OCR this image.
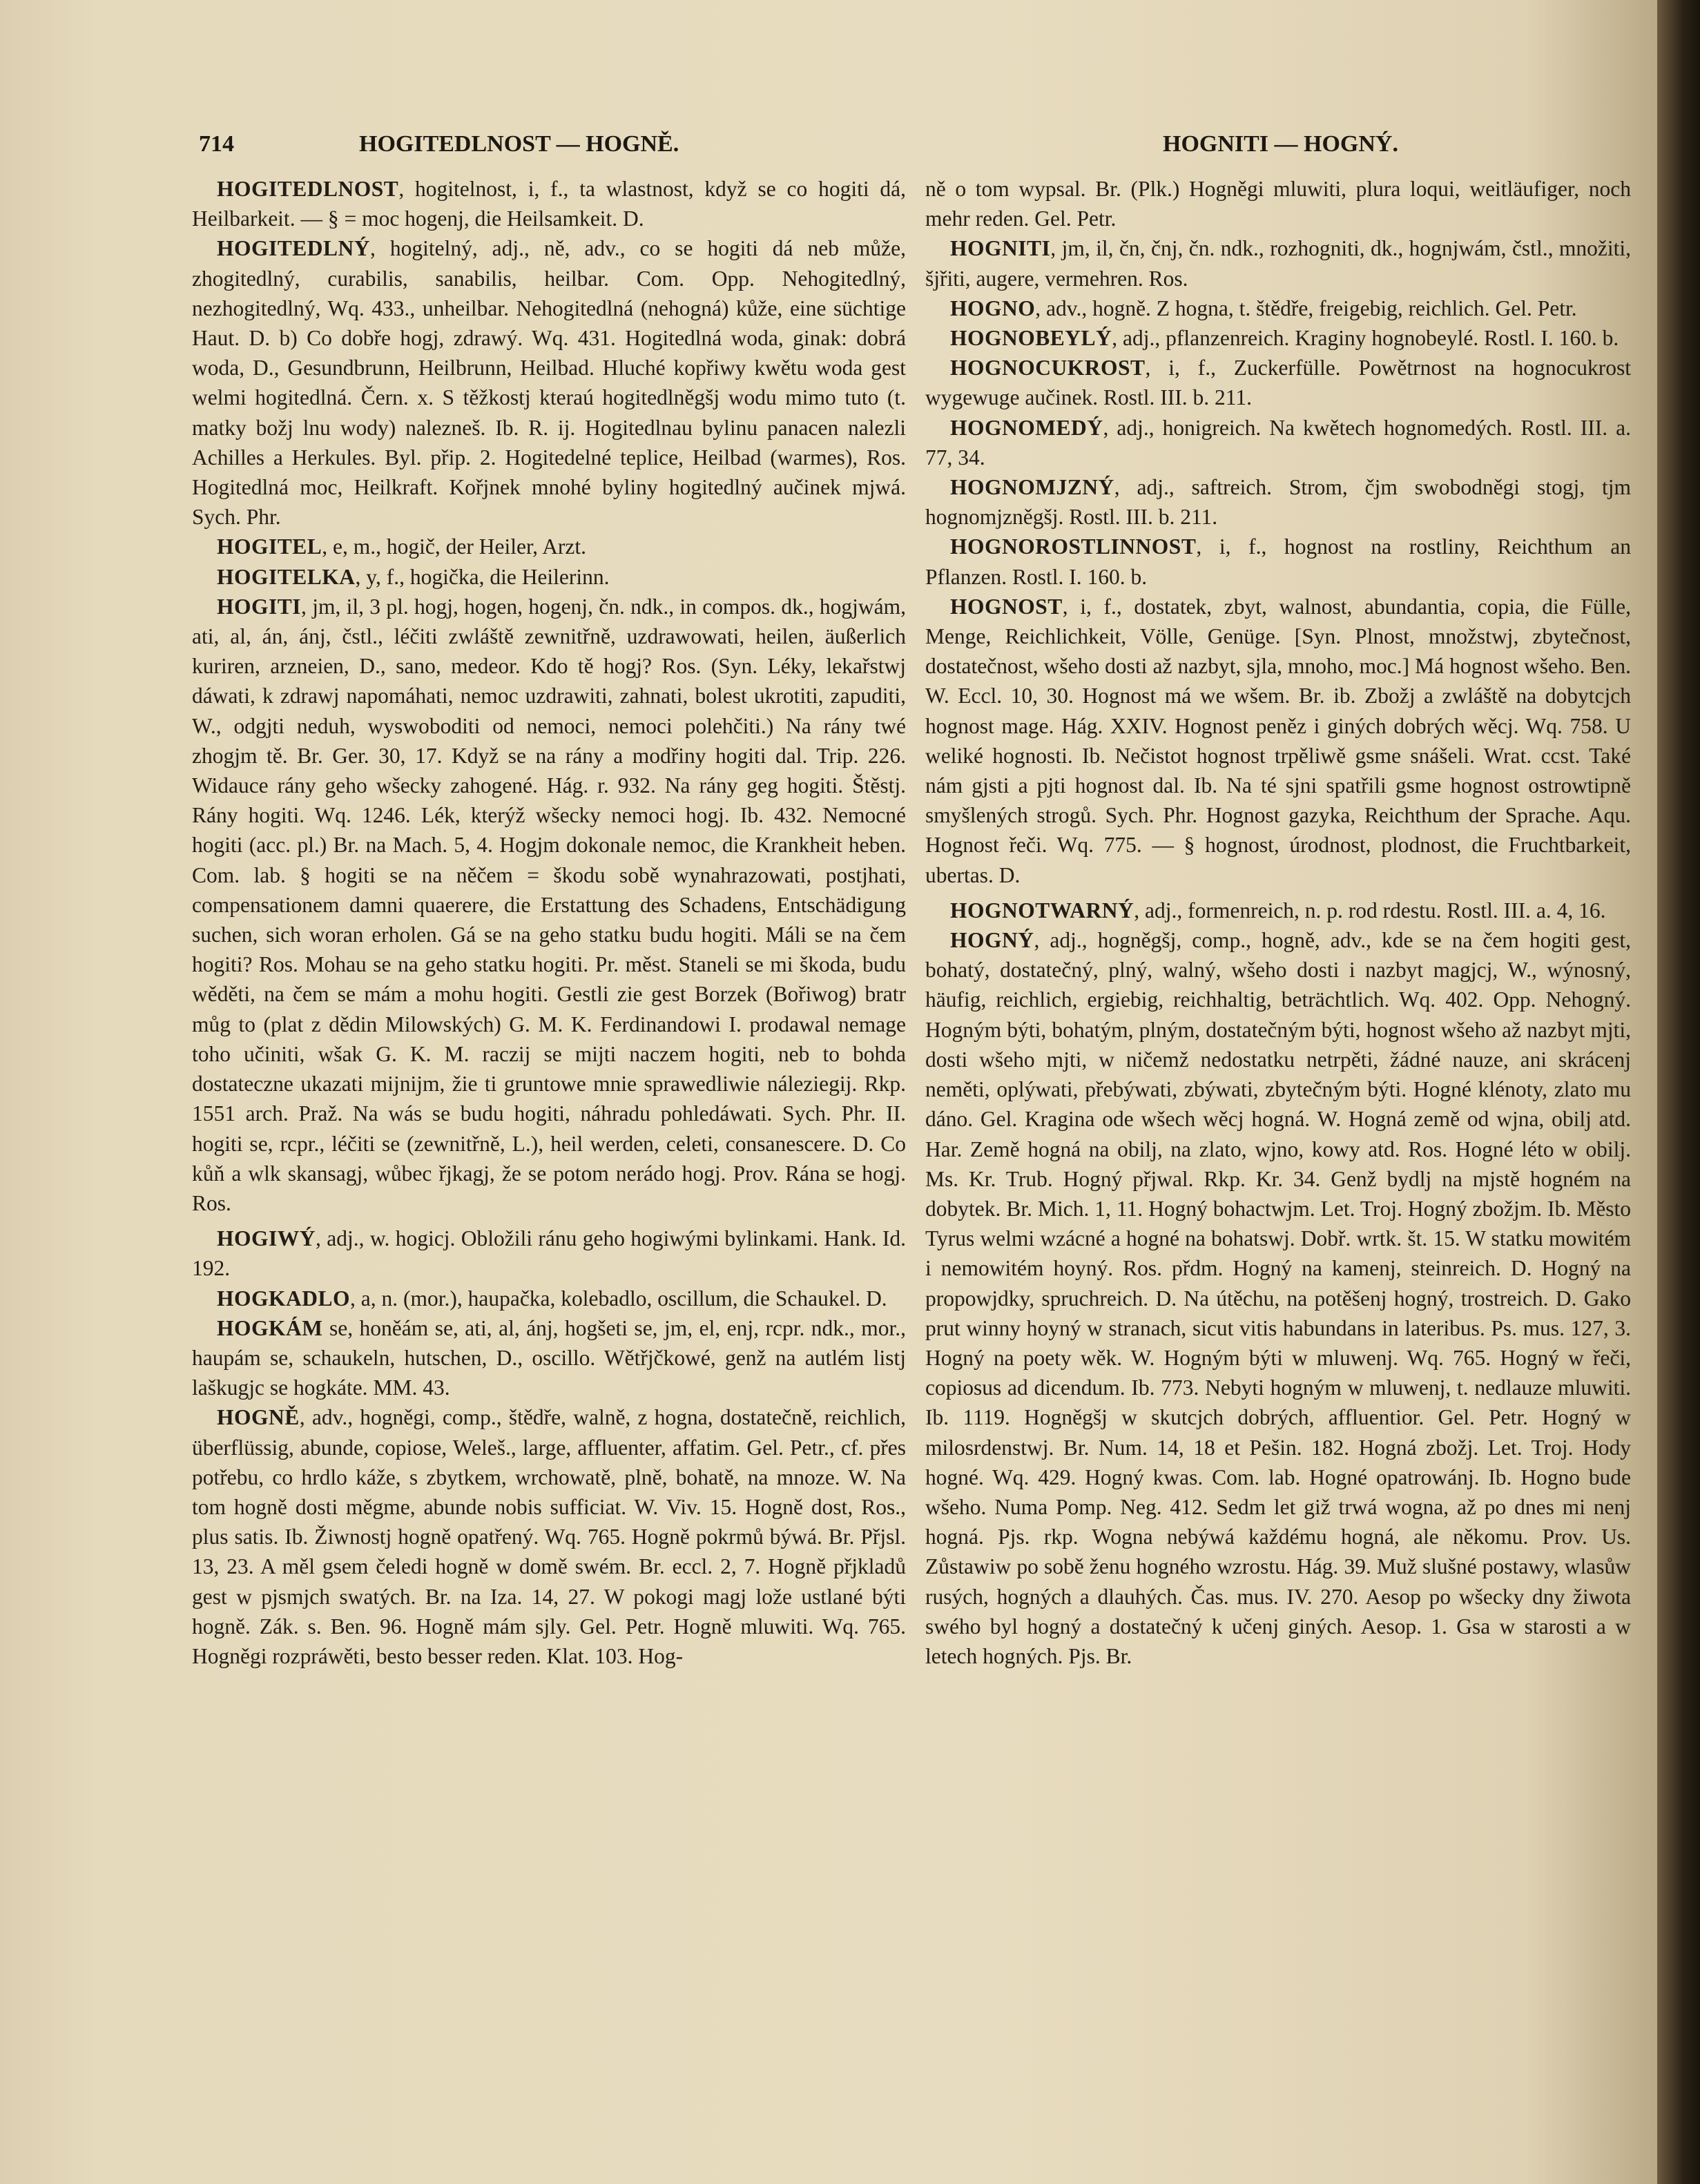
714	HOGITEDLNOST — HOGNĚ.	HOGNITI — HOGNÝ.

HOGITEDLNOST, hogitelnost, i, f., ta wlastnost, když se co hogiti dá, Heilbarkeit. — § = moc hogenj, die Heilsamkeit. D.

HOGITEDLNÝ, hogitelný, adj., ně, adv., co se hogiti dá neb může, zhogitedlný, curabilis, sanabilis, heilbar. Com. Opp. Nehogitedlný, nezhogitedlný, Wq. 433., unheilbar. Nehogitedlná (nehogná) kůže, eine süchtige Haut. D. b) Co dobře hogj, zdrawý. Wq. 431. Hogitedlná woda, ginak: dobrá woda, D., Gesundbrunn, Heilbrunn, Heilbad. Hluché kopřiwy kwětu woda gest welmi hogitedlná. Čern. x. S těžkostj kteraú hogitedlněgšj wodu mimo tuto (t. matky božj lnu wody) nalezneš. Ib. R. ij. Hogitedlnau bylinu panacen nalezli Achilles a Herkules. Byl. přip. 2. Hogitedelné teplice, Heilbad (warmes), Ros. Hogitedlná moc, Heilkraft. Kořjnek mnohé byliny hogitedlný aučinek mjwá. Sych. Phr.

HOGITEL, e, m., hogič, der Heiler, Arzt.

HOGITELKA, y, f., hogička, die Heilerinn.

HOGITI, jm, il, 3 pl. hogj, hogen, hogenj, čn. ndk., in compos. dk., hogjwám, ati, al, án, ánj, čstl., léčiti zwláště zewnitřně, uzdrawowati, heilen, äußerlich kuriren, arzneien, D., sano, medeor. Kdo tě hogj? Ros. (Syn. Léky, lekařstwj dáwati, k zdrawj napomáhati, nemoc uzdrawiti, zahnati, bolest ukrotiti, zapuditi, W., odgjti neduh, wyswoboditi od nemoci, nemoci polehčiti.) Na rány twé zhogjm tě. Br. Ger. 30, 17. Když se na rány a modřiny hogiti dal. Trip. 226. Widauce rány geho wšecky zahogené. Hág. r. 932. Na rány geg hogiti. Štěstj. Rány hogiti. Wq. 1246. Lék, kterýž wšecky nemoci hogj. Ib. 432. Nemocné hogiti (acc. pl.) Br. na Mach. 5, 4. Hogjm dokonale nemoc, die Krankheit heben. Com. lab. § hogiti se na něčem = škodu sobě wynahrazowati, postjhati, compensationem damni quaerere, die Erstattung des Schadens, Entschädigung suchen, sich woran erholen. Gá se na geho statku budu hogiti. Máli se na čem hogiti? Ros. Mohau se na geho statku hogiti. Pr. měst. Staneli se mi škoda, budu wěděti, na čem se mám a mohu hogiti. Gestli zie gest Borzek (Bořiwog) bratr můg to (plat z dědin Milowských) G. M. K. Ferdinandowi I. prodawal nemage toho učiniti, wšak G. K. M. raczij se mijti naczem hogiti, neb to bohda dostateczne ukazati mijnijm, žie ti gruntowe mnie sprawedliwie náleziegij. Rkp. 1551 arch. Praž. Na wás se budu hogiti, náhradu pohledáwati. Sych. Phr. II. hogiti se, rcpr., léčiti se (zewnitřně, L.), heil werden, celeti, consanescere. D. Co kůň a wlk skansagj, wůbec řjkagj, že se potom nerádo hogj. Prov. Rána se hogj. Ros.

HOGIWÝ, adj., w. hogicj. Obložili ránu geho hogiwými bylinkami. Hank. Id. 192.

HOGKADLO, a, n. (mor.), haupačka, kolebadlo, oscillum, die Schaukel. D.

HOGKÁM se, honěám se, ati, al, ánj, hogšeti se, jm, el, enj, rcpr. ndk., mor., haupám se, schaukeln, hutschen, D., oscillo. Wětřjčkowé, genž na autlém listj laškugjc se hogkáte. MM. 43.

HOGNĚ, adv., hogněgi, comp., štědře, walně, z hogna, dostatečně, reichlich, überflüssig, abunde, copiose, Weleš., large, affluenter, affatim. Gel. Petr., cf. přes potřebu, co hrdlo káže, s zbytkem, wrchowatě, plně, bohatě, na mnoze. W. Na tom hogně dosti měgme, abunde nobis sufficiat. W. Viv. 15. Hogně dost, Ros., plus satis. Ib. Žiwnostj hogně opatřený. Wq. 765. Hogně pokrmů býwá. Br. Přjsl. 13, 23. A měl gsem čeledi hogně w domě swém. Br. eccl. 2, 7. Hogně přjkladů gest w pjsmjch swatých. Br. na Iza. 14, 27. W pokogi magj lože ustlané býti hogně. Zák. s. Ben. 96. Hogně mám sjly. Gel. Petr. Hogně mluwiti. Wq. 765. Hogněgi rozpráwěti, besto besser reden. Klat. 103. Hog-

ně o tom wypsal. Br. (Plk.) Hogněgi mluwiti, plura loqui, weitläufiger, noch mehr reden. Gel. Petr.

HOGNITI, jm, il, čn, čnj, čn. ndk., rozhogniti, dk., hognjwám, čstl., množiti, šjřiti, augere, vermehren. Ros.

HOGNO, adv., hogně. Z hogna, t. štědře, freigebig, reichlich. Gel. Petr.

HOGNOBEYLÝ, adj., pflanzenreich. Kraginy hognobeylé. Rostl. I. 160. b.

HOGNOCUKROST, i, f., Zuckerfülle. Powětrnost na hognocukrost wygewuge aučinek. Rostl. III. b. 211.

HOGNOMEDÝ, adj., honigreich. Na kwětech hognomedých. Rostl. III. a. 77, 34.

HOGNOMJZNÝ, adj., saftreich. Strom, čjm swobodněgi stogj, tjm hognomjzněgšj. Rostl. III. b. 211.

HOGNOROSTLINNOST, i, f., hognost na rostliny, Reichthum an Pflanzen. Rostl. I. 160. b.

HOGNOST, i, f., dostatek, zbyt, walnost, abundantia, copia, die Fülle, Menge, Reichlichkeit, Völle, Genüge. [Syn. Plnost, množstwj, zbytečnost, dostatečnost, wšeho dosti až nazbyt, sjla, mnoho, moc.] Má hognost wšeho. Ben. W. Eccl. 10, 30. Hognost má we wšem. Br. ib. Zbožj a zwláště na dobytcjch hognost mage. Hág. XXIV. Hognost peněz i giných dobrých wěcj. Wq. 758. U weliké hognosti. Ib. Nečistot hognost trpěliwě gsme snášeli. Wrat. ccst. Také nám gjsti a pjti hognost dal. Ib. Na té sjni spatřili gsme hognost ostrowtipně smyšlených strogů. Sych. Phr. Hognost gazyka, Reichthum der Sprache. Aqu. Hognost řeči. Wq. 775. — § hognost, úrodnost, plodnost, die Fruchtbarkeit, ubertas. D.

HOGNOTWARNÝ, adj., formenreich, n. p. rod rdestu. Rostl. III. a. 4, 16.

HOGNÝ, adj., hogněgšj, comp., hogně, adv., kde se na čem hogiti gest, bohatý, dostatečný, plný, walný, wšeho dosti i nazbyt magjcj, W., wýnosný, häufig, reichlich, ergiebig, reichhaltig, beträchtlich. Wq. 402. Opp. Nehogný. Hogným býti, bohatým, plným, dostatečným býti, hognost wšeho až nazbyt mjti, dosti wšeho mjti, w ničemž nedostatku netrpěti, žádné nauze, ani skrácenj neměti, oplýwati, přebýwati, zbýwati, zbytečným býti. Hogné klénoty, zlato mu dáno. Gel. Kragina ode wšech wěcj hogná. W. Hogná země od wjna, obilj atd. Har. Země hogná na obilj, na zlato, wjno, kowy atd. Ros. Hogné léto w obilj. Ms. Kr. Trub. Hogný přjwal. Rkp. Kr. 34. Genž bydlj na mjstě hogném na dobytek. Br. Mich. 1, 11. Hogný bohactwjm. Let. Troj. Hogný zbožjm. Ib. Město Tyrus welmi wzácné a hogné na bohatswj. Dobř. wrtk. št. 15. W statku mowitém i nemowitém hoyný. Ros. přdm. Hogný na kamenj, steinreich. D. Hogný na propowjdky, spruchreich. D. Na útěchu, na potěšenj hogný, trostreich. D. Gako prut winny hoyný w stranach, sicut vitis habundans in lateribus. Ps. mus. 127, 3. Hogný na poety wěk. W. Hogným býti w mluwenj. Wq. 765. Hogný w řeči, copiosus ad dicendum. Ib. 773. Nebyti hogným w mluwenj, t. nedlauze mluwiti. Ib. 1119. Hogněgšj w skutcjch dobrých, affluentior. Gel. Petr. Hogný w milosrdenstwj. Br. Num. 14, 18 et Pešin. 182. Hogná zbožj. Let. Troj. Hody hogné. Wq. 429. Hogný kwas. Com. lab. Hogné opatrowánj. Ib. Hogno bude wšeho. Numa Pomp. Neg. 412. Sedm let giž trwá wogna, až po dnes mi nenj hogná. Pjs. rkp. Wogna nebýwá každému hogná, ale někomu. Prov. Us. Zůstawiw po sobě ženu hogného wzrostu. Hág. 39. Muž slušné postawy, wlasůw rusých, hogných a dlauhých. Čas. mus. IV. 270. Aesop po wšecky dny žiwota swého byl hogný a dostatečný k učenj giných. Aesop. 1. Gsa w starosti a w letech hogných. Pjs. Br.
